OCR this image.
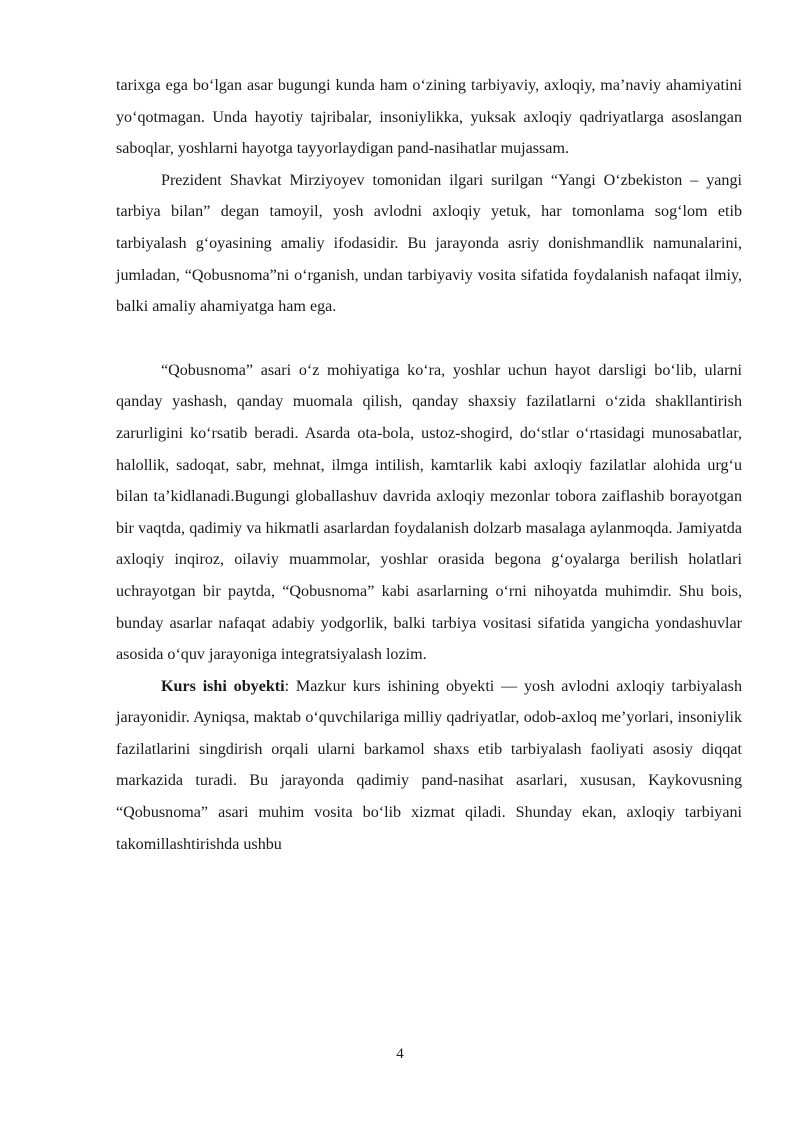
tarixga ega boʻlgan asar bugungi kunda ham oʻzining tarbiyaviy, axloqiy, maʼnaviy ahamiyatini yoʻqotmagan. Unda hayotiy tajribalar, insoniylikka, yuksak axloqiy qadriyatlarga asoslangan saboqlar, yoshlarni hayotga tayyorlaydigan pand-nasihatlar mujassam.

Prezident Shavkat Mirziyoyev tomonidan ilgari surilgan “Yangi Oʻzbekiston – yangi tarbiya bilan” degan tamoyil, yosh avlodni axloqiy yetuk, har tomonlama sogʻlom etib tarbiyalash gʻoyasining amaliy ifodasidir. Bu jarayonda asriy donishmandlik namunalarini, jumladan, “Qobusnoma”ni oʻrganish, undan tarbiyaviy vosita sifatida foydalanish nafaqat ilmiy, balki amaliy ahamiyatga ham ega.

“Qobusnoma” asari oʻz mohiyatiga koʻra, yoshlar uchun hayot darsligi boʻlib, ularni qanday yashash, qanday muomala qilish, qanday shaxsiy fazilatlarni oʻzida shakllantirish zarurligini koʻrsatib beradi. Asarda ota-bola, ustoz-shogird, doʻstlar oʻrtasidagi munosabatlar, halollik, sadoqat, sabr, mehnat, ilmga intilish, kamtarlik kabi axloqiy fazilatlar alohida urgʻu bilan taʼkidlanadi.Bugungi globallashuv davrida axloqiy mezonlar tobora zaiflashib borayotgan bir vaqtda, qadimiy va hikmatli asarlardan foydalanish dolzarb masalaga aylanmoqda. Jamiyatda axloqiy inqiroz, oilaviy muammolar, yoshlar orasida begona gʻoyalarga berilish holatlari uchrayotgan bir paytda, “Qobusnoma” kabi asarlarning oʻrni nihoyatda muhimdir. Shu bois, bunday asarlar nafaqat adabiy yodgorlik, balki tarbiya vositasi sifatida yangicha yondashuvlar asosida oʻquv jarayoniga integratsiyalash lozim.

Kurs ishi obyekti: Mazkur kurs ishining obyekti — yosh avlodni axloqiy tarbiyalash jarayonidir. Ayniqsa, maktab oʻquvchilariga milliy qadriyatlar, odob-axloq meʼyorlari, insoniylik fazilatlarini singdirish orqali ularni barkamol shaxs etib tarbiyalash faoliyati asosiy diqqat markazida turadi. Bu jarayonda qadimiy pand-nasihat asarlari, xususan, Kaykovusning “Qobusnoma” asari muhim vosita boʻlib xizmat qiladi. Shunday ekan, axloqiy tarbiyani takomillashtirishda ushbu

4
